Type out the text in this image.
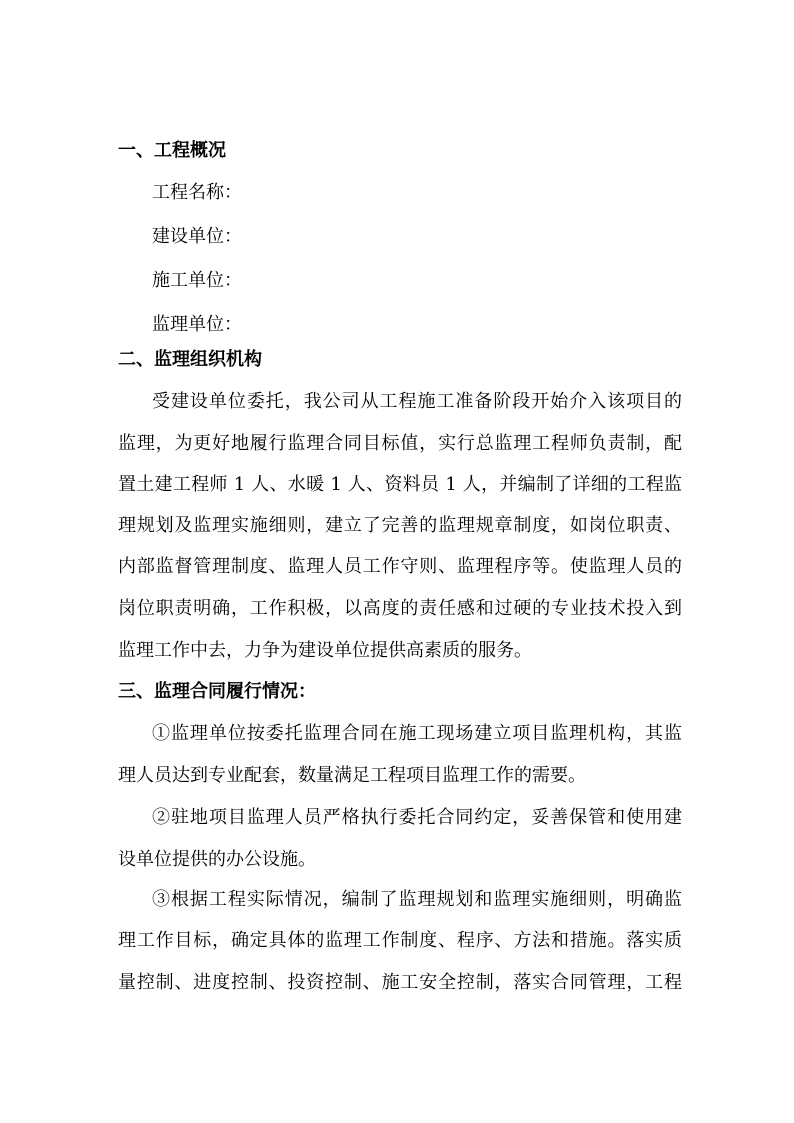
一、工程概况
工程名称：
建设单位：
施工单位：
监理单位：
二、监理组织机构
受建设单位委托，我公司从工程施工准备阶段开始介入该项目的
监理，为更好地履行监理合同目标值，实行总监理工程师负责制，配
置土建工程师 1 人、水暖 1 人、资料员 1 人，并编制了详细的工程监
理规划及监理实施细则，建立了完善的监理规章制度，如岗位职责、
内部监督管理制度、监理人员工作守则、监理程序等。使监理人员的
岗位职责明确，工作积极，以高度的责任感和过硬的专业技术投入到
监理工作中去，力争为建设单位提供高素质的服务。
三、监理合同履行情况：
①监理单位按委托监理合同在施工现场建立项目监理机构，其监
理人员达到专业配套，数量满足工程项目监理工作的需要。
②驻地项目监理人员严格执行委托合同约定，妥善保管和使用建
设单位提供的办公设施。
③根据工程实际情况，编制了监理规划和监理实施细则，明确监
理工作目标，确定具体的监理工作制度、程序、方法和措施。落实质
量控制、进度控制、投资控制、施工安全控制，落实合同管理，工程
